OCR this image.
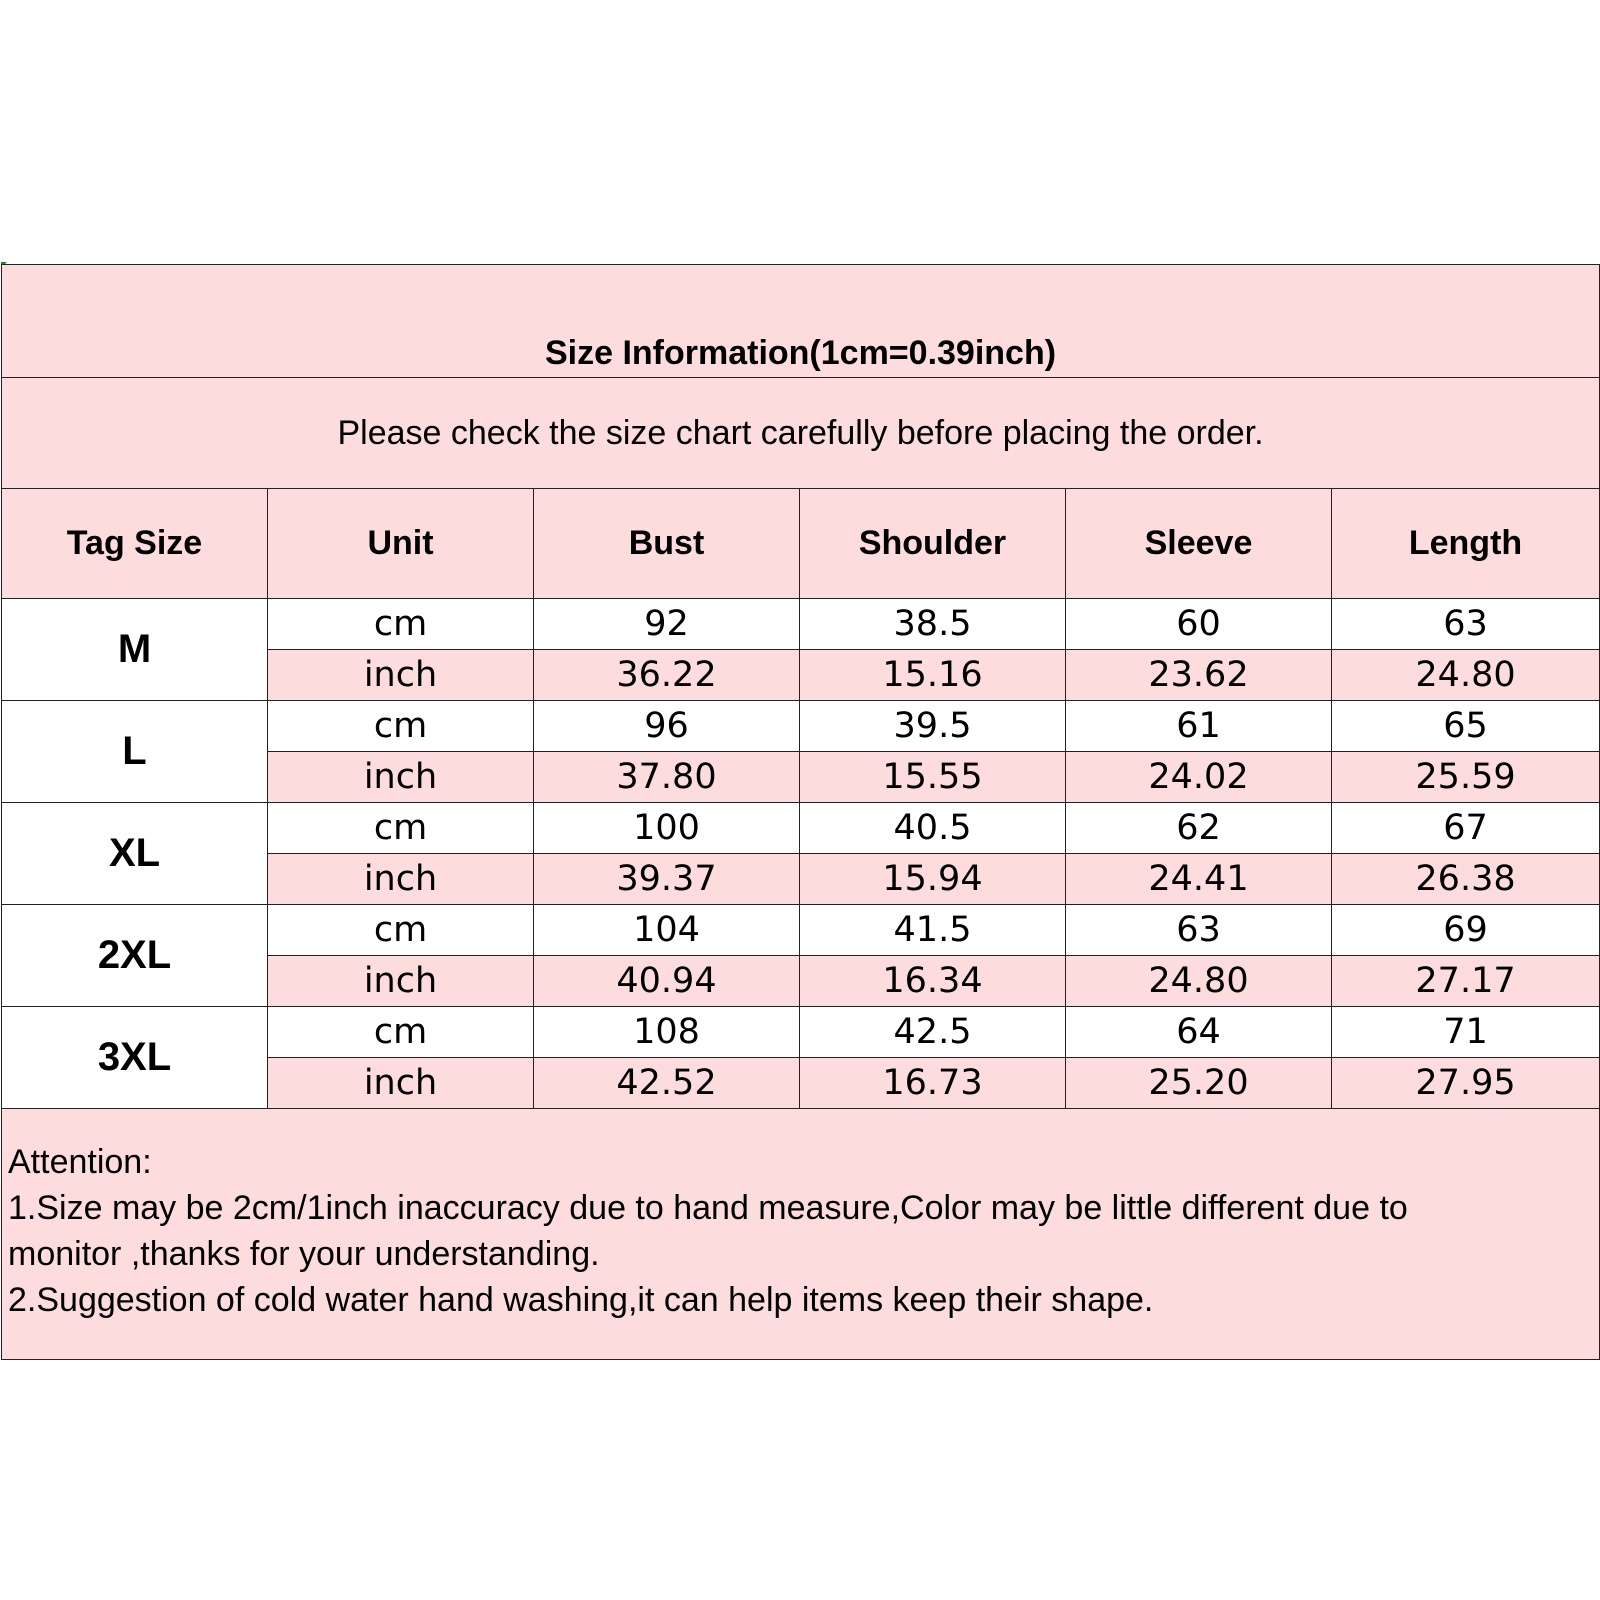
Size Information(1cm=0.39inch)					
Please check the size chart carefully before placing the order.					
Tag Size	Unit	Bust	Shoulder	Sleeve	Length
M	cm	92	38.5	60	63
	inch	36.22	15.16	23.62	24.80
L	cm	96	39.5	61	65
	inch	37.80	15.55	24.02	25.59
XL	cm	100	40.5	62	67
	inch	39.37	15.94	24.41	26.38
2XL	cm	104	41.5	63	69
	inch	40.94	16.34	24.80	27.17
3XL	cm	108	42.5	64	71
	inch	42.52	16.73	25.20	27.95

Attention:
1.Size may be 2cm/1inch inaccuracy due to hand measure,Color may be little different due to
monitor ,thanks for your understanding.
2.Suggestion of cold water hand washing,it can help items keep their shape.					
